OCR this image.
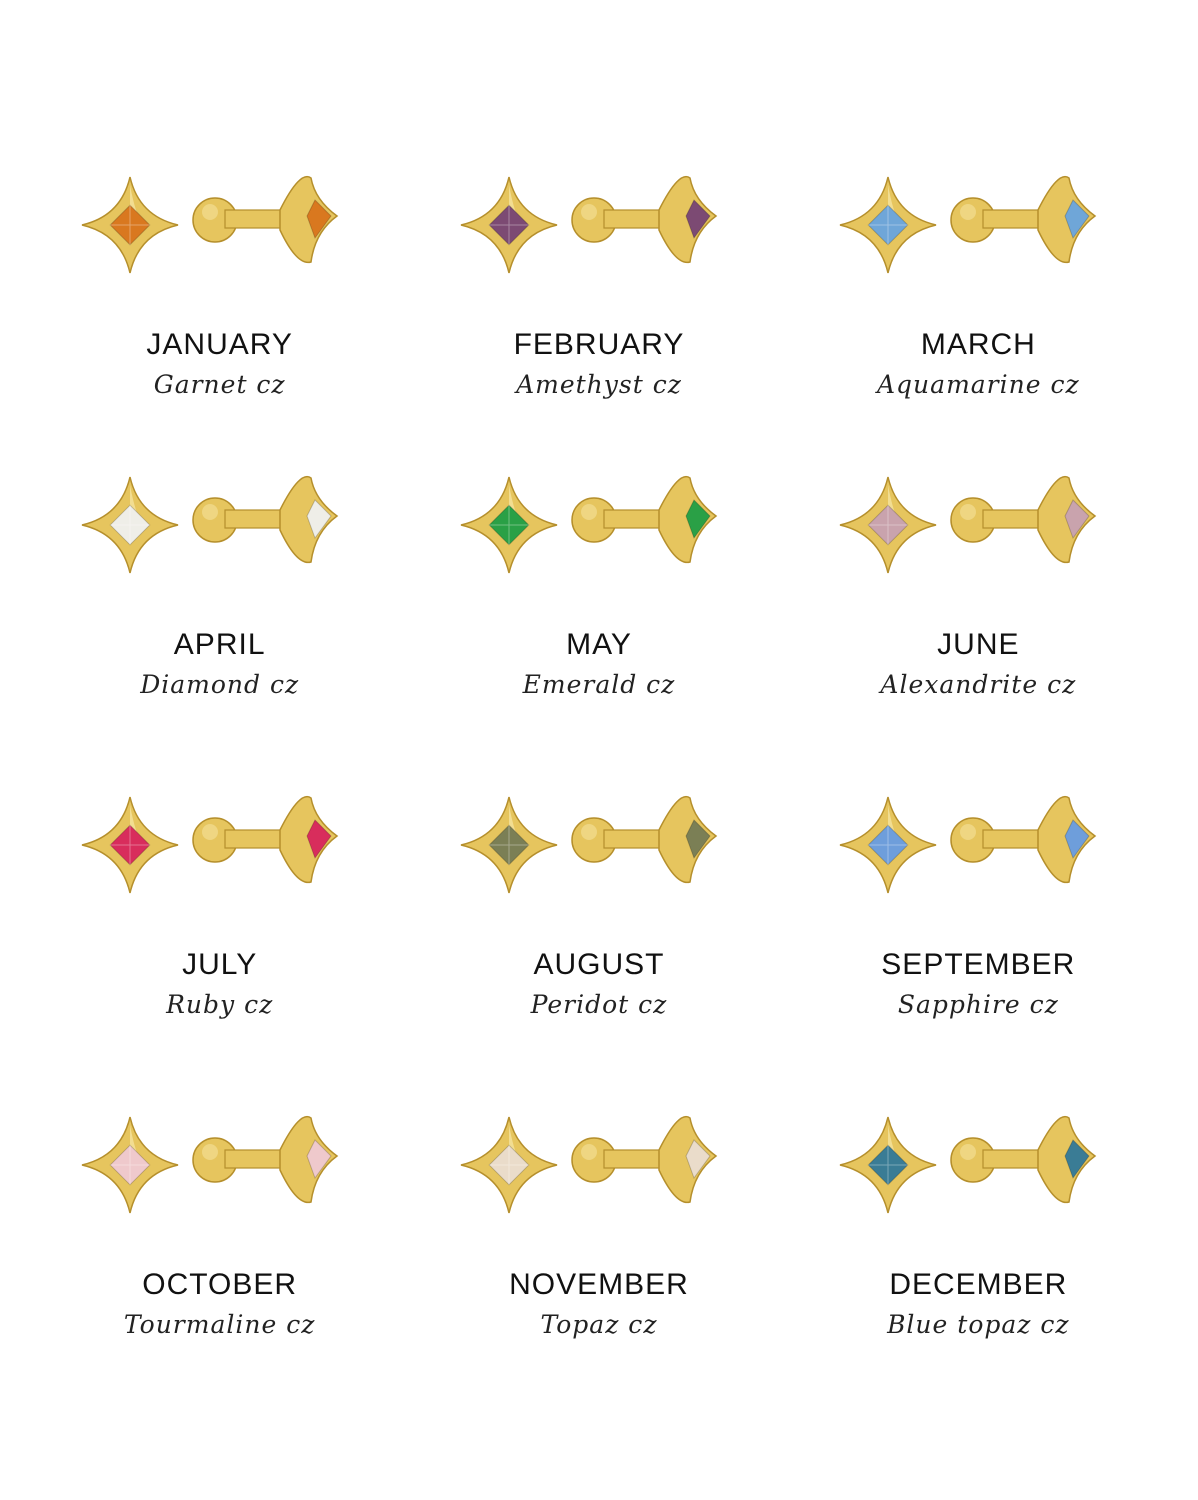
JANUARY
Garnet cz
FEBRUARY
Amethyst cz
MARCH
Aquamarine cz
APRIL
Diamond cz
MAY
Emerald cz
JUNE
Alexandrite cz
JULY
Ruby cz
AUGUST
Peridot cz
SEPTEMBER
Sapphire cz
OCTOBER
Tourmaline cz
NOVEMBER
Topaz cz
DECEMBER
Blue topaz cz
